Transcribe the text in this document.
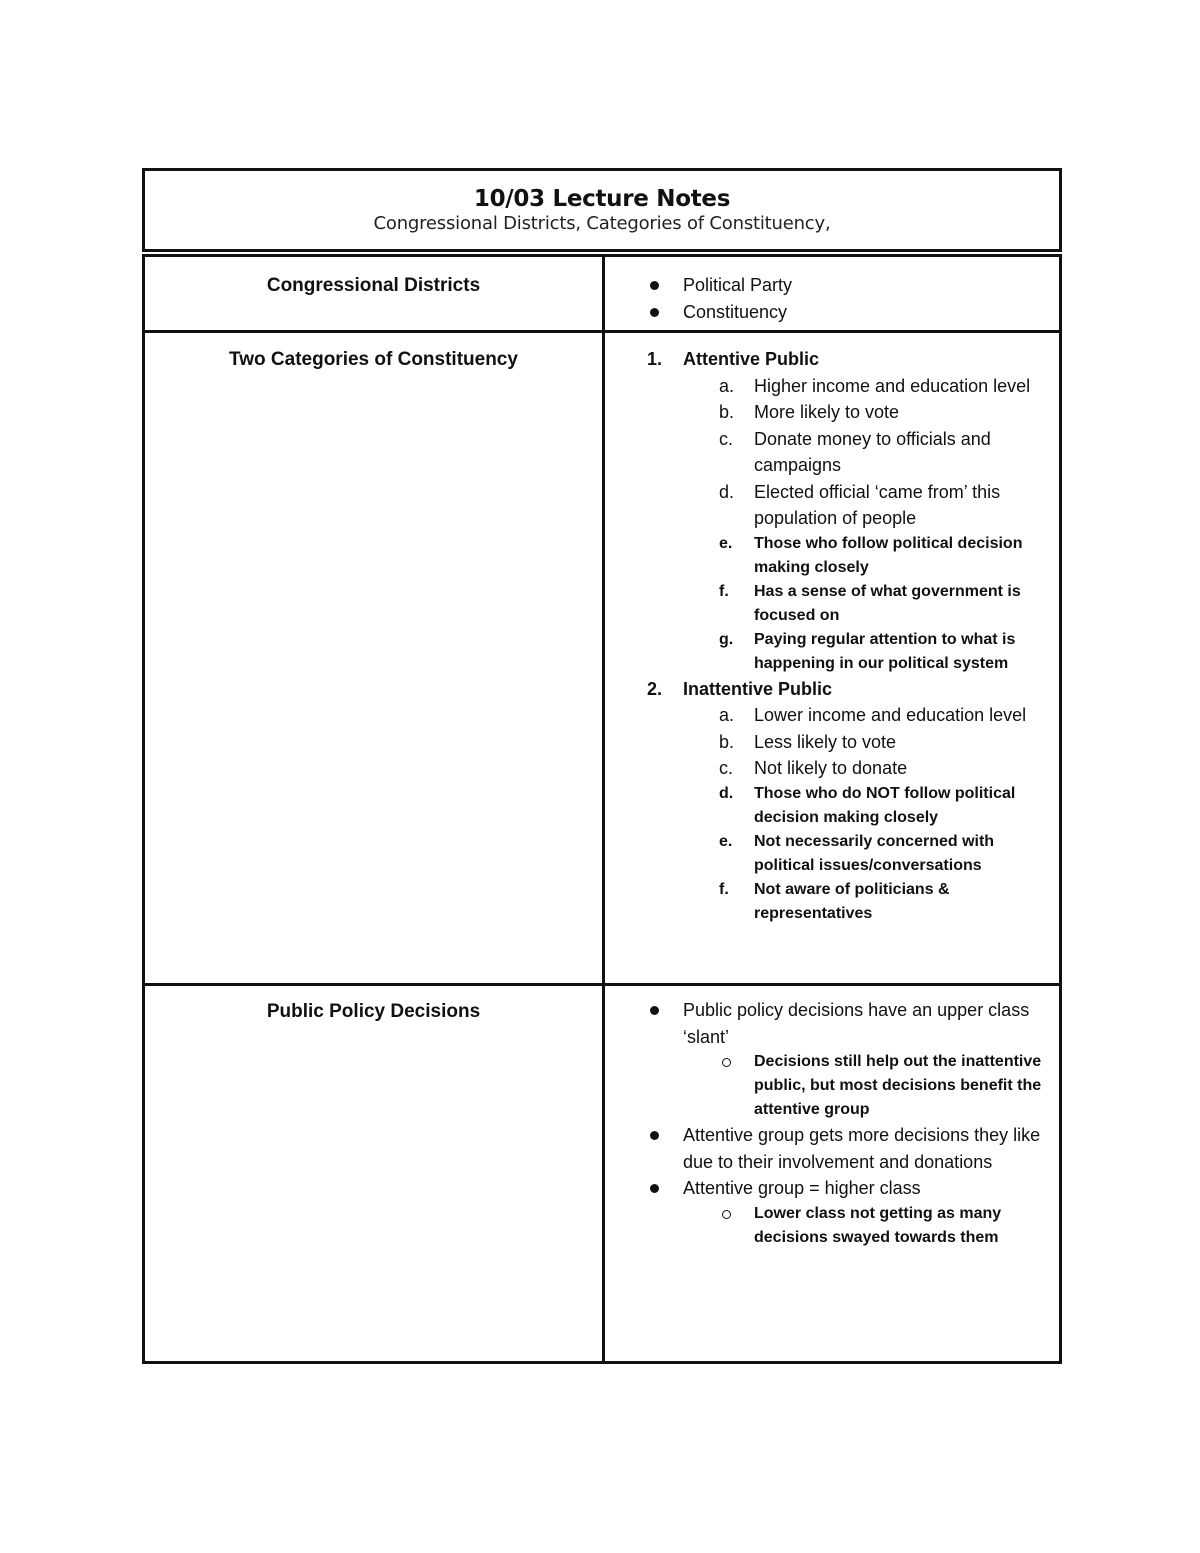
10/03 Lecture Notes
Congressional Districts, Categories of Constituency,
Congressional Districts	Political Party
Constituency
Two Categories of Constituency	1. Attentive Public
a. Higher income and education level
b. More likely to vote
c. Donate money to officials and campaigns
d. Elected official ‘came from’ this population of people
e. Those who follow political decision making closely
f. Has a sense of what government is focused on
g. Paying regular attention to what is happening in our political system
2. Inattentive Public
a. Lower income and education level
b. Less likely to vote
c. Not likely to donate
d. Those who do NOT follow political decision making closely
e. Not necessarily concerned with political issues/conversations
f. Not aware of politicians & representatives
Public Policy Decisions	Public policy decisions have an upper class ‘slant’
Decisions still help out the inattentive public, but most decisions benefit the attentive group
Attentive group gets more decisions they like due to their involvement and donations
Attentive group = higher class
Lower class not getting as many decisions swayed towards them
